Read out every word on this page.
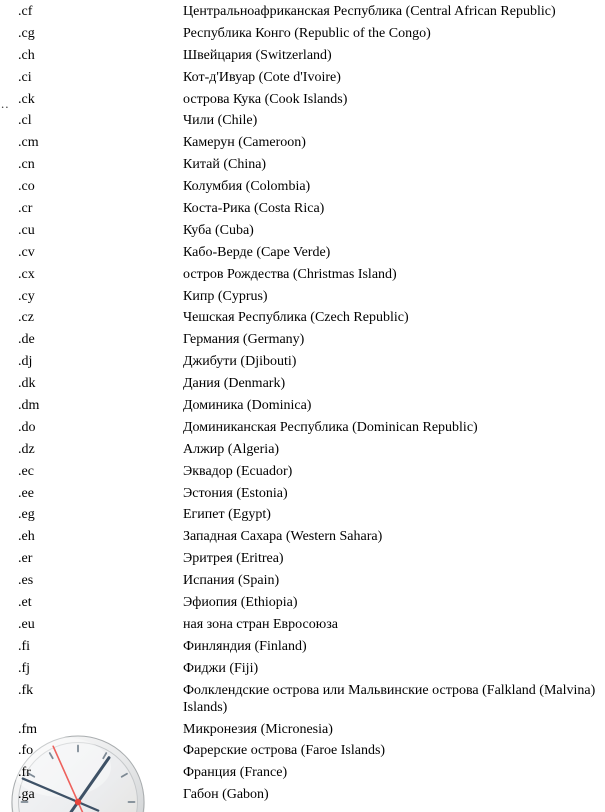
..
.cf	Центральноафриканская Республика (Central African Republic)
.cg	Республика Конго (Republic of the Congo)
.ch	Швейцария (Switzerland)
.ci	Кот-д'Ивуар (Cote d'Ivoire)
.ck	острова Кука (Cook Islands)
.cl	Чили (Chile)
.cm	Камерун (Cameroon)
.cn	Китай (China)
.co	Колумбия (Colombia)
.cr	Коста-Рика (Costa Rica)
.cu	Куба (Cuba)
.cv	Кабо-Верде (Cape Verde)
.cx	остров Рождества (Christmas Island)
.cy	Кипр (Cyprus)
.cz	Чешская Республика (Czech Republic)
.de	Германия (Germany)
.dj	Джибути (Djibouti)
.dk	Дания (Denmark)
.dm	Доминика (Dominica)
.do	Доминиканская Республика (Dominican Republic)
.dz	Алжир (Algeria)
.ec	Эквадор (Ecuador)
.ee	Эстония (Estonia)
.eg	Египет (Egypt)
.eh	Западная Сахара (Western Sahara)
.er	Эритрея (Eritrea)
.es	Испания (Spain)
.et	Эфиопия (Ethiopia)
.eu	ная зона стран Евросоюза
.fi	Финляндия (Finland)
.fj	Фиджи (Fiji)
.fk	Фолклендские острова или Мальвинские острова (Falkland (Malvina) Islands)
.fm	Микронезия (Micronesia)
.fo	Фарерские острова (Faroe Islands)
.fr	Франция (France)
.ga	Габон (Gabon)
